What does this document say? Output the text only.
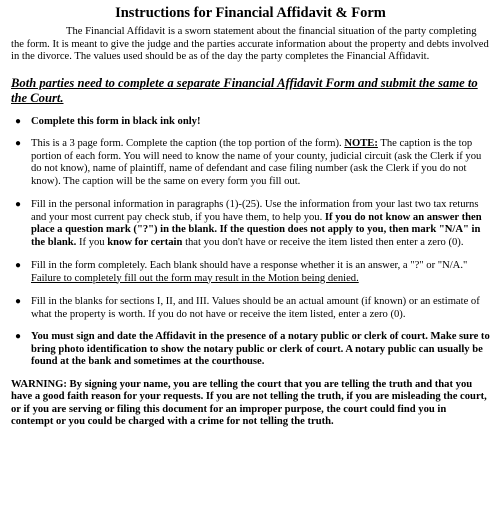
Instructions for Financial Affidavit & Form

The Financial Affidavit is a sworn statement about the financial situation of the party completing the form. It is meant to give the judge and the parties accurate information about the property and debts involved in the divorce. The values used should be as of the day the party completes the Financial Affidavit.

Both parties need to complete a separate Financial Affidavit Form and submit the same to the Court.

● Complete this form in black ink only!
● This is a 3 page form. Complete the caption (the top portion of the form). NOTE: The caption is the top portion of each form. You will need to know the name of your county, judicial circuit (ask the Clerk if you do not know), name of plaintiff, name of defendant and case filing number (ask the Clerk if you do not know). The caption will be the same on every form you fill out.
● Fill in the personal information in paragraphs (1)-(25). Use the information from your last two tax returns and your most current pay check stub, if you have them, to help you. If you do not know an answer then place a question mark ("?") in the blank. If the question does not apply to you, then mark "N/A" in the blank. If you know for certain that you don't have or receive the item listed then enter a zero (0).
● Fill in the form completely. Each blank should have a response whether it is an answer, a "?" or "N/A." Failure to completely fill out the form may result in the Motion being denied.
● Fill in the blanks for sections I, II, and III. Values should be an actual amount (if known) or an estimate of what the property is worth. If you do not have or receive the item listed, enter a zero (0).
● You must sign and date the Affidavit in the presence of a notary public or clerk of court. Make sure to bring photo identification to show the notary public or clerk of court. A notary public can usually be found at the bank and sometimes at the courthouse.

WARNING: By signing your name, you are telling the court that you are telling the truth and that you have a good faith reason for your requests. If you are not telling the truth, if you are misleading the court, or if you are serving or filing this document for an improper purpose, the court could find you in contempt or you could be charged with a crime for not telling the truth.
